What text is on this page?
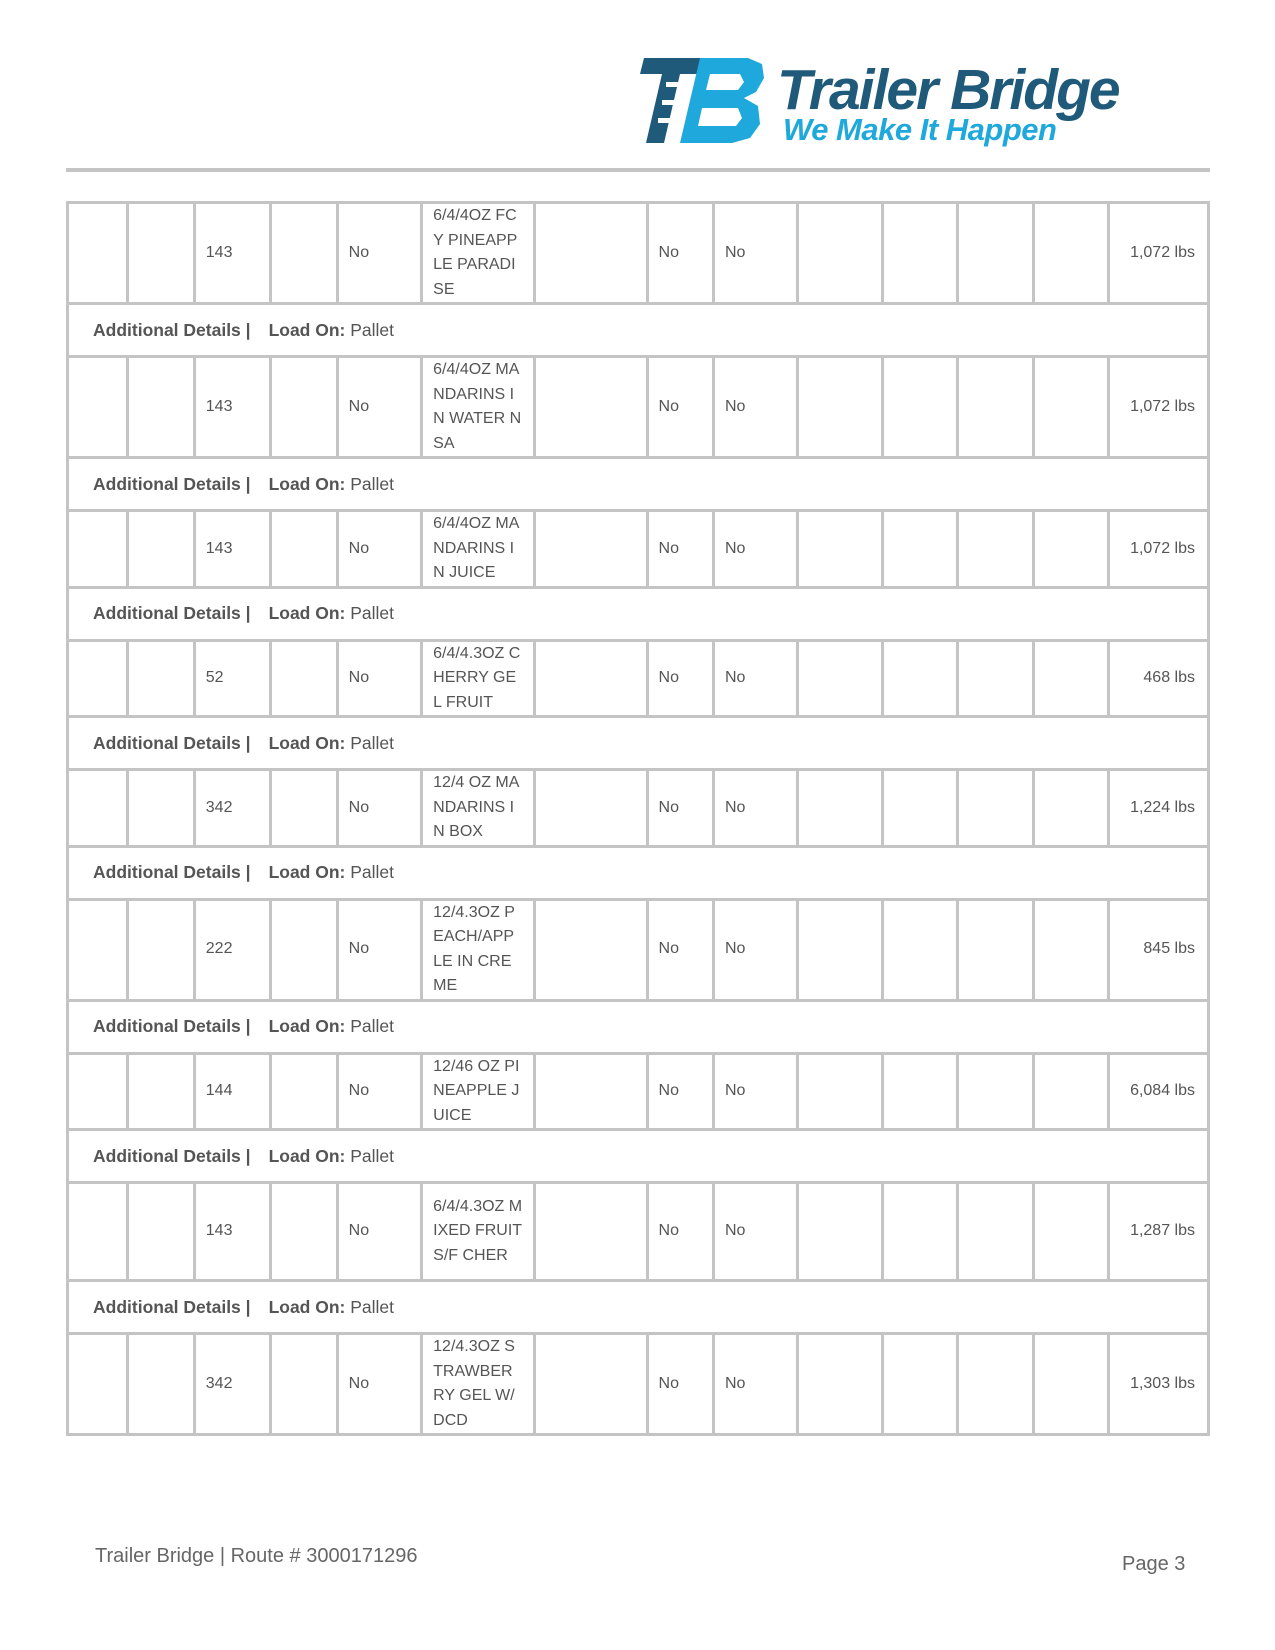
Trailer Bridge
We Make It Happen
		143		No	6/4/4OZ FCY PINEAPPLE PARADISE		No	No					1,072 lbs
Additional Details | Load On: Pallet													
		143		No	6/4/4OZ MANDARINS IN WATER NSA		No	No					1,072 lbs
Additional Details | Load On: Pallet													
		143		No	6/4/4OZ MANDARINS IN JUICE		No	No					1,072 lbs
Additional Details | Load On: Pallet													
		52		No	6/4/4.3OZ CHERRY GEL FRUIT		No	No					468 lbs
Additional Details | Load On: Pallet													
		342		No	12/4 OZ MANDARINS IN BOX		No	No					1,224 lbs
Additional Details | Load On: Pallet													
		222		No	12/4.3OZ PEACH/APPLE IN CREME		No	No					845 lbs
Additional Details | Load On: Pallet													
		144		No	12/46 OZ PINEAPPLE JUICE		No	No					6,084 lbs
Additional Details | Load On: Pallet													
		143		No	6/4/4.3OZ MIXED FRUIT S/F CHER		No	No					1,287 lbs
Additional Details | Load On: Pallet													
		342		No	12/4.3OZ STRAWBERRY GEL W/DCD		No	No					1,303 lbs
Trailer Bridge | Route # 3000171296	Page 3
